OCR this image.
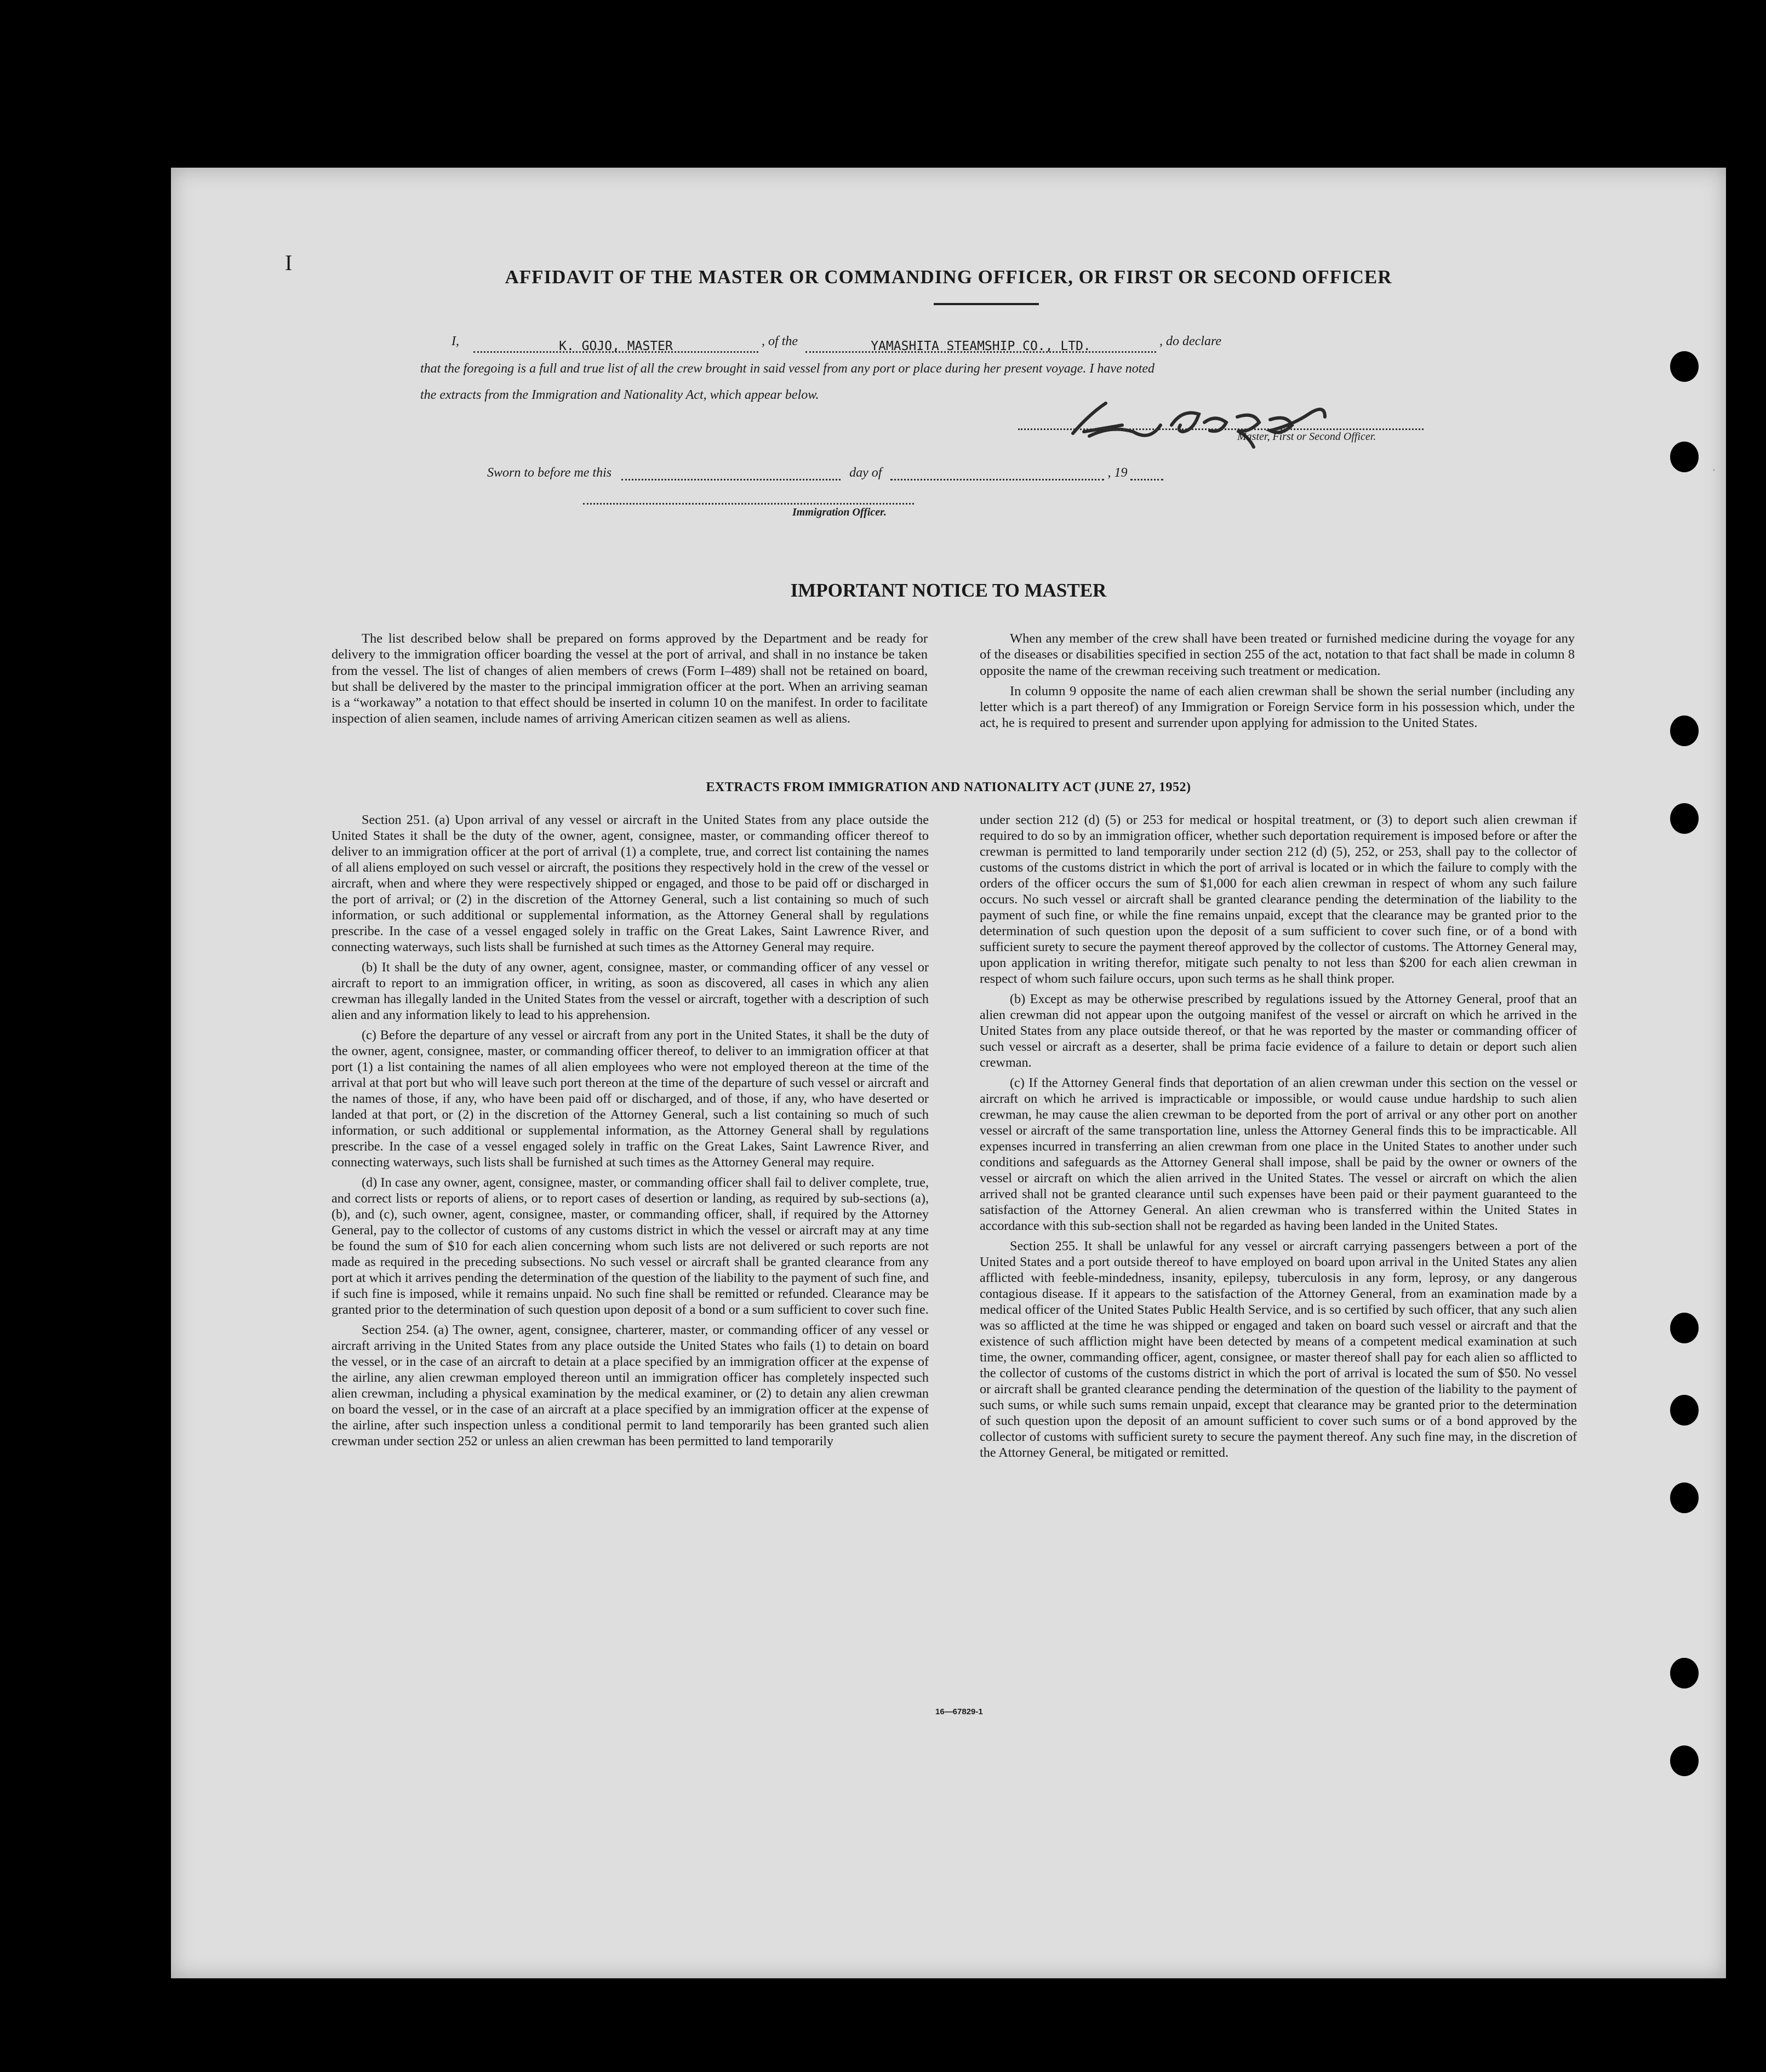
I
·
AFFIDAVIT OF THE MASTER OR COMMANDING OFFICER, OR FIRST OR SECOND OFFICER
I,	K. GOJO, MASTER	, of the	YAMASHITA STEAMSHIP CO., LTD.	, do declare
that the foregoing is a full and true list of all the crew brought in said vessel from any port or place during her present voyage. I have noted
the extracts from the Immigration and Nationality Act, which appear below.
Master, First or Second Officer.
Sworn to before me this	day of	, 19
Immigration Officer.
IMPORTANT NOTICE TO MASTER

The list described below shall be prepared on forms approved by the Department and be ready for delivery to the immigration officer boarding the vessel at the port of arrival, and shall in no instance be taken from the vessel. The list of changes of alien members of crews (Form I–489) shall not be retained on board, but shall be delivered by the master to the principal immigration officer at the port. When an arriving seaman is a “workaway” a notation to that effect should be inserted in column 10 on the manifest. In order to facilitate inspection of alien seamen, include names of arriving American citizen seamen as well as aliens.

When any member of the crew shall have been treated or furnished medicine during the voyage for any of the diseases or disabilities specified in section 255 of the act, notation to that fact shall be made in column 8 opposite the name of the crewman receiving such treatment or medication.

In column 9 opposite the name of each alien crewman shall be shown the serial number (including any letter which is a part thereof) of any Immigration or Foreign Service form in his possession which, under the act, he is required to present and surrender upon applying for admission to the United States.

EXTRACTS FROM IMMIGRATION AND NATIONALITY ACT (JUNE 27, 1952)

Section 251. (a) Upon arrival of any vessel or aircraft in the United States from any place outside the United States it shall be the duty of the owner, agent, consignee, master, or commanding officer thereof to deliver to an immigration officer at the port of arrival (1) a complete, true, and correct list containing the names of all aliens employed on such vessel or aircraft, the positions they respectively hold in the crew of the vessel or aircraft, when and where they were respectively shipped or engaged, and those to be paid off or discharged in the port of arrival; or (2) in the discretion of the Attorney General, such a list containing so much of such information, or such additional or supplemental information, as the Attorney General shall by regulations prescribe. In the case of a vessel engaged solely in traffic on the Great Lakes, Saint Lawrence River, and connecting waterways, such lists shall be furnished at such times as the Attorney General may require.

(b) It shall be the duty of any owner, agent, consignee, master, or commanding officer of any vessel or aircraft to report to an immigration officer, in writing, as soon as discovered, all cases in which any alien crewman has illegally landed in the United States from the vessel or aircraft, together with a description of such alien and any information likely to lead to his apprehension.

(c) Before the departure of any vessel or aircraft from any port in the United States, it shall be the duty of the owner, agent, consignee, master, or commanding officer thereof, to deliver to an immigration officer at that port (1) a list containing the names of all alien employees who were not employed thereon at the time of the arrival at that port but who will leave such port thereon at the time of the departure of such vessel or aircraft and the names of those, if any, who have been paid off or discharged, and of those, if any, who have deserted or landed at that port, or (2) in the discretion of the Attorney General, such a list containing so much of such information, or such additional or supplemental information, as the Attorney General shall by regulations prescribe. In the case of a vessel engaged solely in traffic on the Great Lakes, Saint Lawrence River, and connecting waterways, such lists shall be furnished at such times as the Attorney General may require.

(d) In case any owner, agent, consignee, master, or commanding officer shall fail to deliver complete, true, and correct lists or reports of aliens, or to report cases of desertion or landing, as required by sub-sections (a), (b), and (c), such owner, agent, consignee, master, or commanding officer, shall, if required by the Attorney General, pay to the collector of customs of any customs district in which the vessel or aircraft may at any time be found the sum of $10 for each alien concerning whom such lists are not delivered or such reports are not made as required in the preceding subsections. No such vessel or aircraft shall be granted clearance from any port at which it arrives pending the determination of the question of the liability to the payment of such fine, and if such fine is imposed, while it remains unpaid. No such fine shall be remitted or refunded. Clearance may be granted prior to the determination of such question upon deposit of a bond or a sum sufficient to cover such fine.

Section 254. (a) The owner, agent, consignee, charterer, master, or commanding officer of any vessel or aircraft arriving in the United States from any place outside the United States who fails (1) to detain on board the vessel, or in the case of an aircraft to detain at a place specified by an immigration officer at the expense of the airline, any alien crewman employed thereon until an immigration officer has completely inspected such alien crewman, including a physical examination by the medical examiner, or (2) to detain any alien crewman on board the vessel, or in the case of an aircraft at a place specified by an immigration officer at the expense of the airline, after such inspection unless a conditional permit to land temporarily has been granted such alien crewman under section 252 or unless an alien crewman has been permitted to land temporarily

under section 212 (d) (5) or 253 for medical or hospital treatment, or (3) to deport such alien crewman if required to do so by an immigration officer, whether such deportation requirement is imposed before or after the crewman is permitted to land temporarily under section 212 (d) (5), 252, or 253, shall pay to the collector of customs of the customs district in which the port of arrival is located or in which the failure to comply with the orders of the officer occurs the sum of $1,000 for each alien crewman in respect of whom any such failure occurs. No such vessel or aircraft shall be granted clearance pending the determination of the liability to the payment of such fine, or while the fine remains unpaid, except that the clearance may be granted prior to the determination of such question upon the deposit of a sum sufficient to cover such fine, or of a bond with sufficient surety to secure the payment thereof approved by the collector of customs. The Attorney General may, upon application in writing therefor, mitigate such penalty to not less than $200 for each alien crewman in respect of whom such failure occurs, upon such terms as he shall think proper.

(b) Except as may be otherwise prescribed by regulations issued by the Attorney General, proof that an alien crewman did not appear upon the outgoing manifest of the vessel or aircraft on which he arrived in the United States from any place outside thereof, or that he was reported by the master or commanding officer of such vessel or aircraft as a deserter, shall be prima facie evidence of a failure to detain or deport such alien crewman.

(c) If the Attorney General finds that deportation of an alien crewman under this section on the vessel or aircraft on which he arrived is impracticable or impossible, or would cause undue hardship to such alien crewman, he may cause the alien crewman to be deported from the port of arrival or any other port on another vessel or aircraft of the same transportation line, unless the Attorney General finds this to be impracticable. All expenses incurred in transferring an alien crewman from one place in the United States to another under such conditions and safeguards as the Attorney General shall impose, shall be paid by the owner or owners of the vessel or aircraft on which the alien arrived in the United States. The vessel or aircraft on which the alien arrived shall not be granted clearance until such expenses have been paid or their payment guaranteed to the satisfaction of the Attorney General. An alien crewman who is transferred within the United States in accordance with this sub-section shall not be regarded as having been landed in the United States.

Section 255. It shall be unlawful for any vessel or aircraft carrying passengers between a port of the United States and a port outside thereof to have employed on board upon arrival in the United States any alien afflicted with feeble-mindedness, insanity, epilepsy, tuberculosis in any form, leprosy, or any dangerous contagious disease. If it appears to the satisfaction of the Attorney General, from an examination made by a medical officer of the United States Public Health Service, and is so certified by such officer, that any such alien was so afflicted at the time he was shipped or engaged and taken on board such vessel or aircraft and that the existence of such affliction might have been detected by means of a competent medical examination at such time, the owner, commanding officer, agent, consignee, or master thereof shall pay for each alien so afflicted to the collector of customs of the customs district in which the port of arrival is located the sum of $50. No vessel or aircraft shall be granted clearance pending the determination of the question of the liability to the payment of such sums, or while such sums remain unpaid, except that clearance may be granted prior to the determination of such question upon the deposit of an amount sufficient to cover such sums or of a bond approved by the collector of customs with sufficient surety to secure the payment thereof. Any such fine may, in the discretion of the Attorney General, be mitigated or remitted.

16—67829-1
